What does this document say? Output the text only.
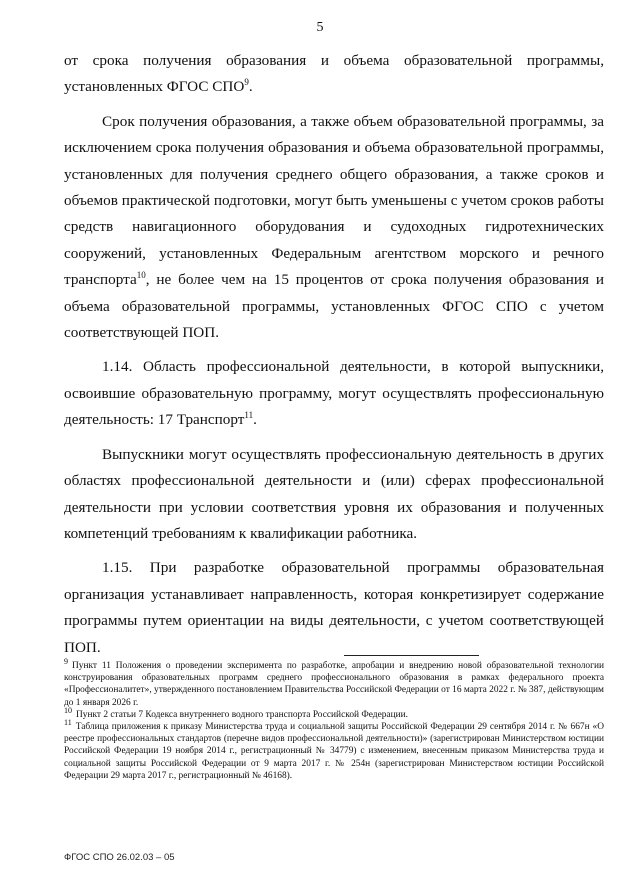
5

от срока получения образования и объема образовательной программы, установленных ФГОС СПО$^9$.

Срок получения образования, а также объем образовательной программы, за исключением срока получения образования и объема образовательной программы, установленных для получения среднего общего образования, а также сроков и объемов практической подготовки, могут быть уменьшены с учетом сроков работы средств навигационного оборудования и судоходных гидротехнических сооружений, установленных Федеральным агентством морского и речного транспорта$^{10}$, не более чем на 15 процентов от срока получения образования и объема образовательной программы, установленных ФГОС СПО с учетом соответствующей ПОП.

1.14. Область профессиональной деятельности, в которой выпускники, освоившие образовательную программу, могут осуществлять профессиональную деятельность: 17 Транспорт$^{11}$.

Выпускники могут осуществлять профессиональную деятельность в других областях профессиональной деятельности и (или) сферах профессиональной деятельности при условии соответствия уровня их образования и полученных компетенций требованиям к квалификации работника.

1.15. При разработке образовательной программы образовательная организация устанавливает направленность, которая конкретизирует содержание программы путем ориентации на виды деятельности, с учетом соответствующей ПОП.

9 Пункт 11 Положения о проведении эксперимента по разработке, апробации и внедрению новой образовательной технологии конструирования образовательных программ среднего профессионального образования в рамках федерального проекта «Профессионалитет», утвержденного постановлением Правительства Российской Федерации от 16 марта 2022 г. № 387, действующим до 1 января 2026 г.

10 Пункт 2 статьи 7 Кодекса внутреннего водного транспорта Российской Федерации.

11 Таблица приложения к приказу Министерства труда и социальной защиты Российской Федерации 29 сентября 2014 г. № 667н «О реестре профессиональных стандартов (перечне видов профессиональной деятельности)» (зарегистрирован Министерством юстиции Российской Федерации 19 ноября 2014 г., регистрационный № 34779) с изменением, внесенным приказом Министерства труда и социальной защиты Российской Федерации от 9 марта 2017 г. № 254н (зарегистрирован Министерством юстиции Российской Федерации 29 марта 2017 г., регистрационный № 46168).

ФГОС СПО 26.02.03 – 05
